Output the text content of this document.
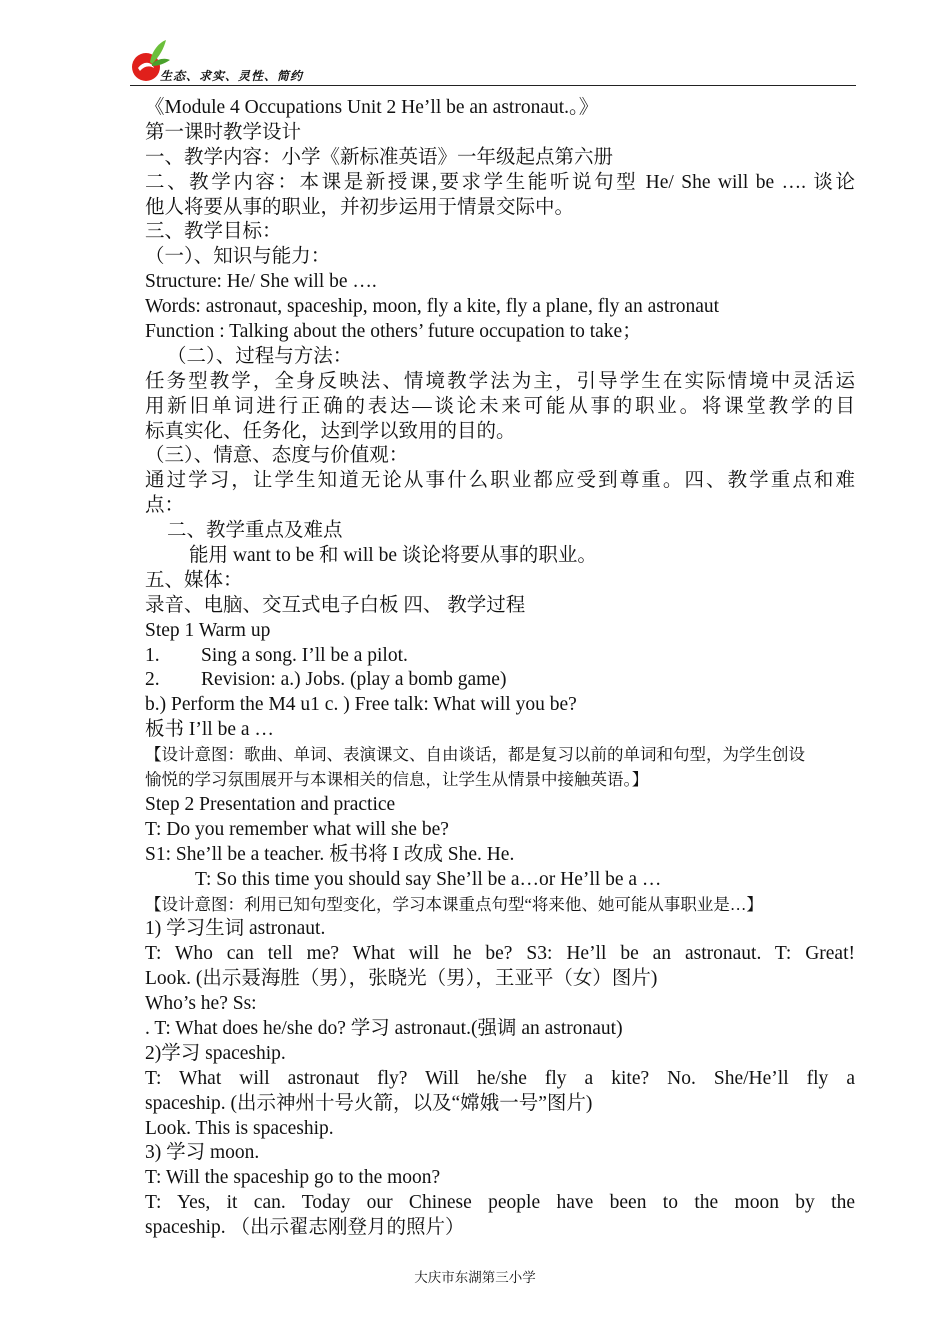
生态、求实、灵性、简约
《Module 4 Occupations Unit 2 He’ll be an astronaut.。》
第一课时教学设计
一、教学内容：小学《新标准英语》一年级起点第六册
二、教学内容：本课是新授课,要求学生能听说句型 He/ She will be …. 谈论
他人将要从事的职业，并初步运用于情景交际中。
三、教学目标：
（一）、知识与能力：
Structure: He/ She will be ….
Words: astronaut, spaceship, moon, fly a kite, fly a plane, fly an astronaut
Function : Talking about the others’ future occupation to take；
（二）、过程与方法：
任务型教学，全身反映法、情境教学法为主，引导学生在实际情境中灵活运
用新旧单词进行正确的表达—谈论未来可能从事的职业。将课堂教学的目
标真实化、任务化，达到学以致用的目的。
（三）、情意、态度与价值观：
通过学习，让学生知道无论从事什么职业都应受到尊重。四、教学重点和难
点：
二、教学重点及难点
能用 want to be 和 will be 谈论将要从事的职业。
五、媒体：
录音、电脑、交互式电子白板 四、 教学过程
Step 1 Warm up
1. Sing a song. I’ll be a pilot.
2. Revision: a.) Jobs. (play a bomb game)
b.) Perform the M4 u1 c. ) Free talk: What will you be?
板书 I’ll be a …
【设计意图：歌曲、单词、表演课文、自由谈话，都是复习以前的单词和句型，为学生创设
愉悦的学习氛围展开与本课相关的信息，让学生从情景中接触英语。】
Step 2 Presentation and practice
T: Do you remember what will she be?
S1: She’ll be a teacher. 板书将 I 改成 She. He.
T: So this time you should say She’ll be a…or He’ll be a …
【设计意图：利用已知句型变化，学习本课重点句型“将来他、她可能从事职业是…】
1) 学习生词 astronaut.
T: Who can tell me? What will he be? S3: He’ll be an astronaut. T: Great!
Look. (出示聂海胜（男），张晓光（男），王亚平（女）图片)
Who’s he? Ss:
. T: What does he/she do? 学习 astronaut.(强调 an astronaut)
2)学习 spaceship.
T: What will astronaut fly? Will he/she fly a kite? No. She/He’ll fly a
spaceship. (出示神州十号火箭，以及“嫦娥一号”图片)
Look. This is spaceship.
3) 学习 moon.
T: Will the spaceship go to the moon?
T: Yes, it can. Today our Chinese people have been to the moon by the
spaceship. （出示翟志刚登月的照片）
大庆市东湖第三小学
